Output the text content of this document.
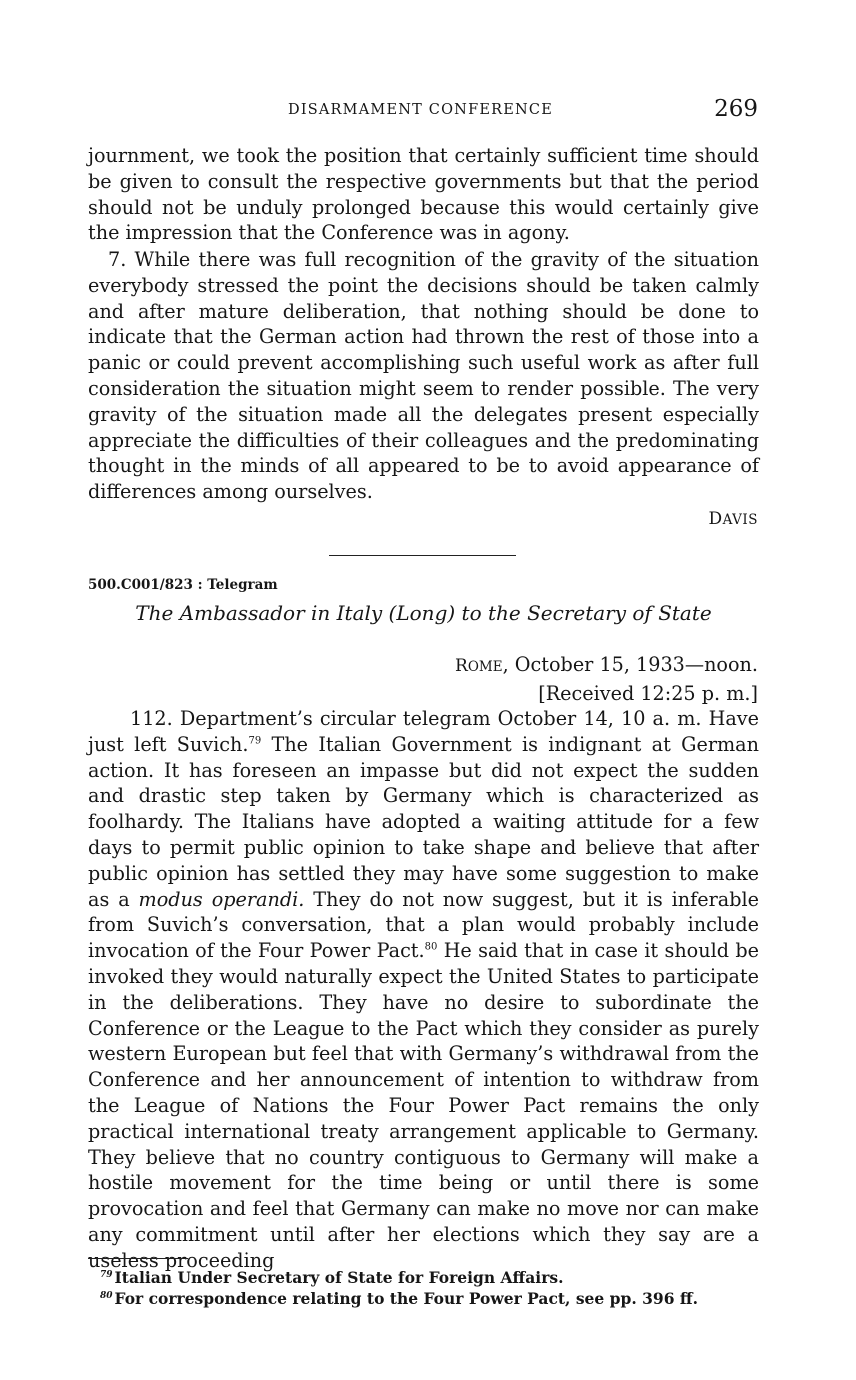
DISARMAMENT CONFERENCE	269
journment, we took the position that certainly sufficient time should be given to consult the respective governments but that the period should not be unduly prolonged because this would certainly give the impression that the Conference was in agony.
7. While there was full recognition of the gravity of the situation everybody stressed the point the decisions should be taken calmly and after mature deliberation, that nothing should be done to indicate that the German action had thrown the rest of those into a panic or could prevent accomplishing such useful work as after full consideration the situation might seem to render possible. The very gravity of the situation made all the delegates present especially appreciate the difficulties of their colleagues and the predominating thought in the minds of all appeared to be to avoid appearance of differences among ourselves.
DAVIS
500.C001/823 : Telegram
The Ambassador in Italy (Long) to the Secretary of State
ROME, October 15, 1933—noon.
[Received 12:25 p. m.]
112. Department’s circular telegram October 14, 10 a. m. Have just left Suvich.$^{79}$ The Italian Government is indignant at German action. It has foreseen an impasse but did not expect the sudden and drastic step taken by Germany which is characterized as foolhardy. The Italians have adopted a waiting attitude for a few days to permit public opinion to take shape and believe that after public opinion has settled they may have some suggestion to make as a modus operandi. They do not now suggest, but it is inferable from Suvich’s conversation, that a plan would probably include invocation of the Four Power Pact.$^{80}$ He said that in case it should be invoked they would naturally expect the United States to participate in the deliberations. They have no desire to subordinate the Conference or the League to the Pact which they consider as purely western European but feel that with Germany’s withdrawal from the Conference and her announcement of intention to withdraw from the League of Nations the Four Power Pact remains the only practical international treaty arrangement applicable to Germany. They believe that no country contiguous to Germany will make a hostile movement for the time being or until there is some provocation and feel that Germany can make no move nor can make any commitment until after her elections which they say are a useless proceeding
$^{79}$ Italian Under Secretary of State for Foreign Affairs.
$^{80}$ For correspondence relating to the Four Power Pact, see pp. 396 ff.
